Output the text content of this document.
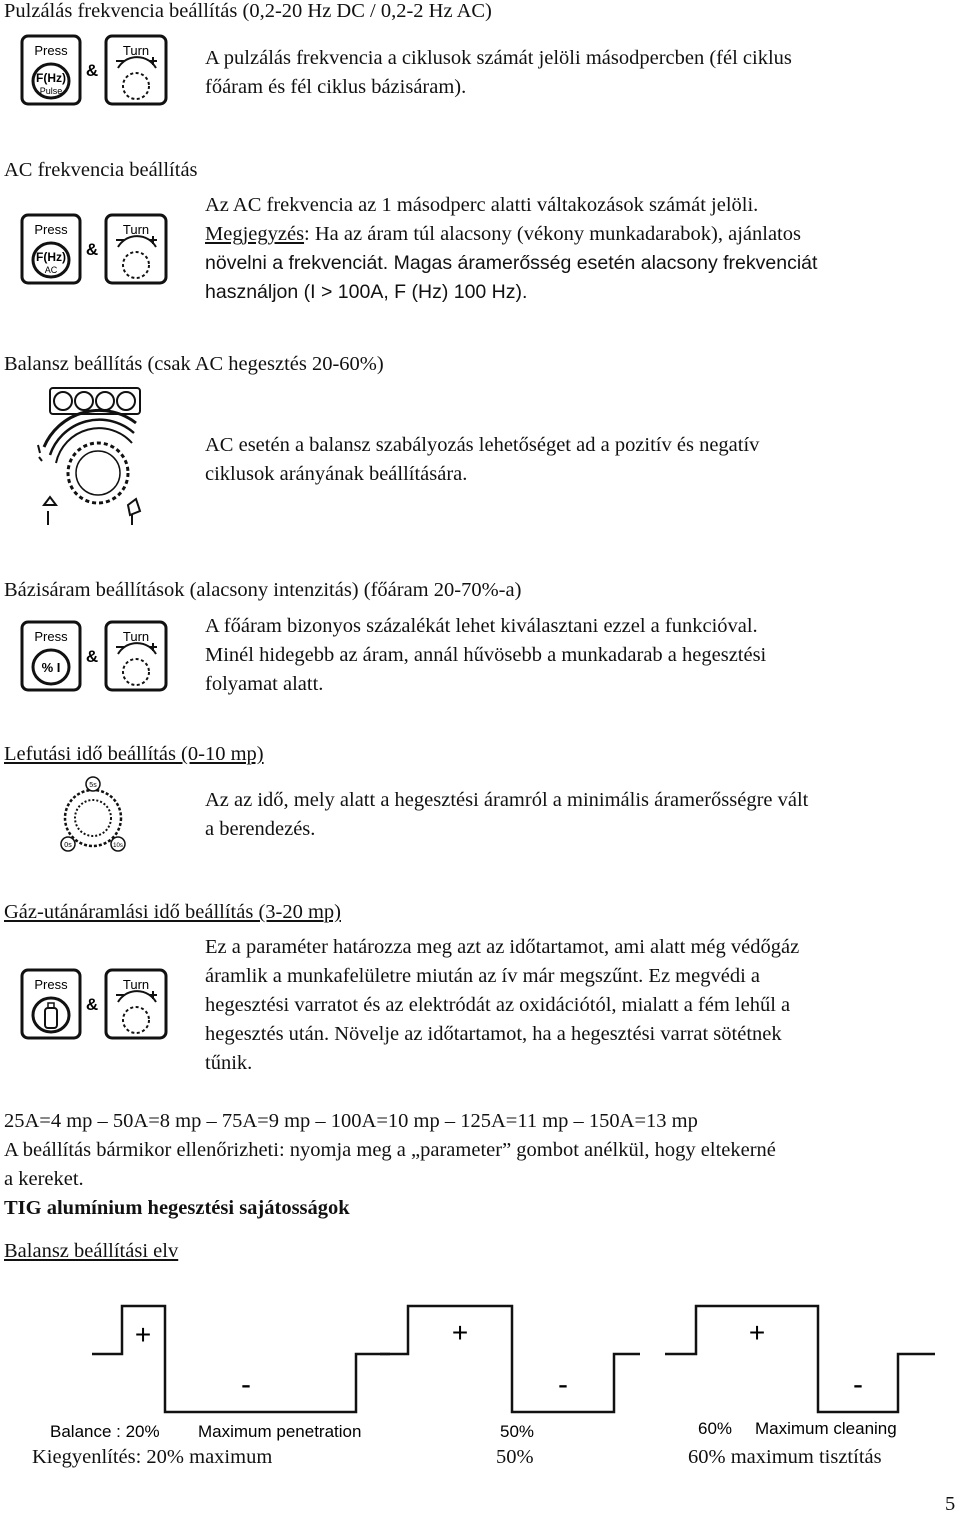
Pulzálás frekvencia beállítás (0,2-20 Hz DC / 0,2-2 Hz AC)
Press
F(Hz)
Pulse
&
Turn	A pulzálás frekvencia a ciklusok számát jelöli másodpercben (fél ciklus
főáram és fél ciklus bázisáram).
AC frekvencia beállítás
Press
F(Hz)
AC
&
Turn
Az AC frekvencia az 1 másodperc alatti váltakozások számát jelöli.
Megjegyzés: Ha az áram túl alacsony (vékony munkadarabok), ajánlatos
növelni a frekvenciát. Magas áramerősség esetén alacsony frekvenciát
használjon (I > 100A, F (Hz) 100 Hz).
Balansz beállítás (csak AC hegesztés 20-60%)
AC esetén a balansz szabályozás lehetőséget ad a pozitív és negatív
ciklusok arányának beállítására.
Bázisáram beállítások (alacsony intenzitás) (főáram 20-70%-a)
Press
% I
&
Turn	A főáram bizonyos százalékát lehet kiválasztani ezzel a funkcióval.
Minél hidegebb az áram, annál hűvösebb a munkadarab a hegesztési
folyamat alatt.
Lefutási idő beállítás (0-10 mp)
5s
0s	10s
Az az idő, mely alatt a hegesztési áramról a minimális áramerősségre vált
a berendezés.
Gáz-utánáramlási idő beállítás (3-20 mp)
Press
&
Turn
Ez a paraméter határozza meg azt az időtartamot, ami alatt még védőgáz
áramlik a munkafelületre miután az ív már megszűnt. Ez megvédi a
hegesztési varratot és az elektródát az oxidációtól, mialatt a fém lehűl a
hegesztés után. Növelje az időtartamot, ha a hegesztési varrat sötétnek
tűnik.
25A=4 mp – 50A=8 mp – 75A=9 mp – 100A=10 mp – 125A=11 mp – 150A=13 mp
A beállítás bármikor ellenőrizheti: nyomja meg a „parameter” gombot anélkül, hogy eltekerné
a kereket.
TIG alumínium hegesztési sajátosságok
Balansz beállítási elv
+
-
+
-
+
-
Balance : 20% Maximum penetration	50%	60% Maximum cleaning
Kiegyenlítés: 20% maximum	50%	60% maximum tisztítás
5
